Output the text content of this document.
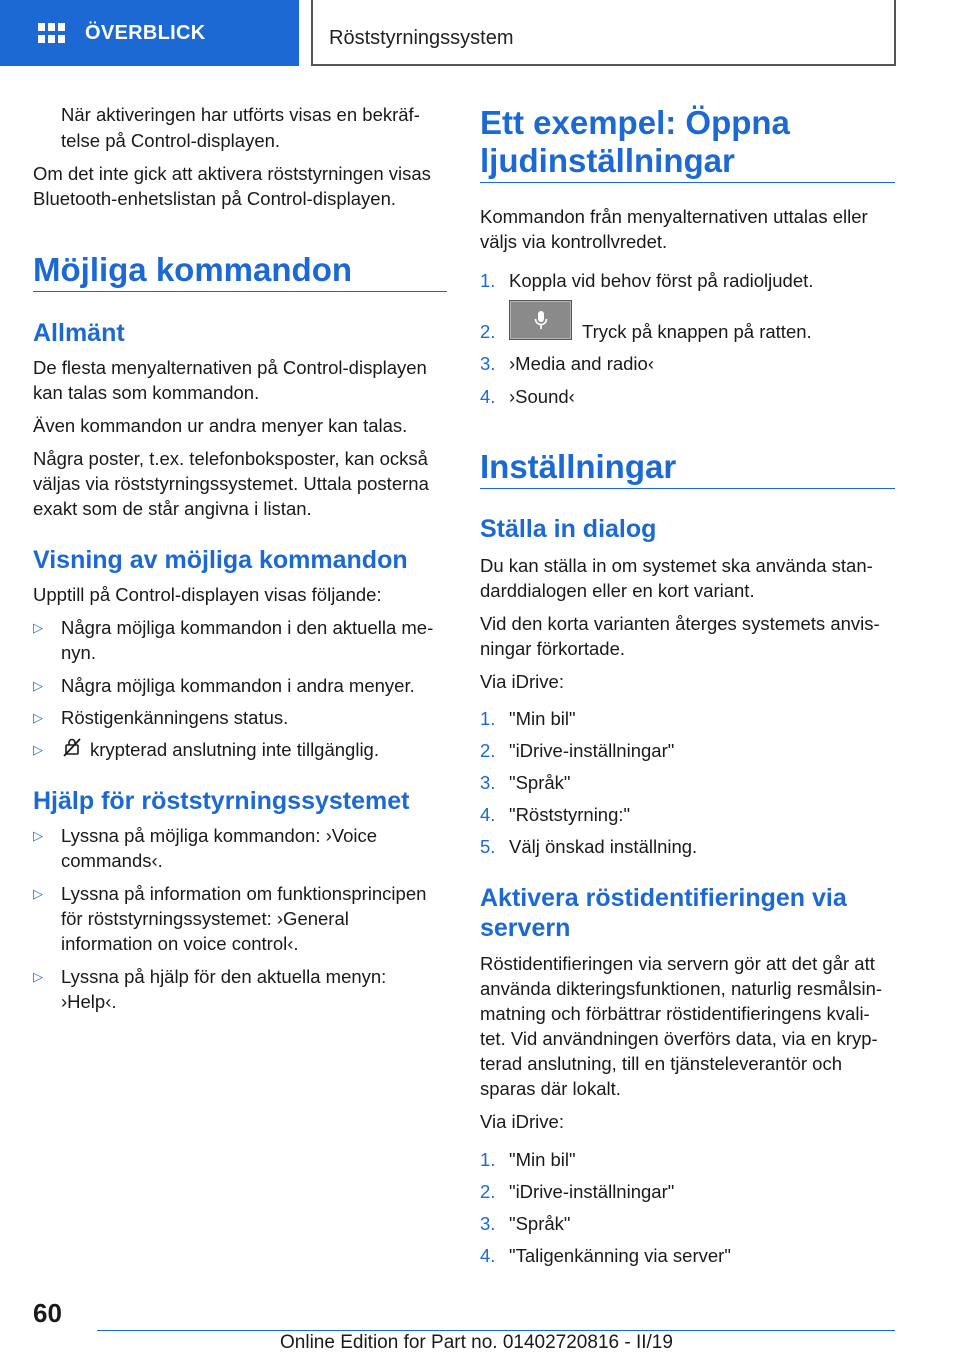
ÖVERBLICK	Röststyrningssystem
När aktiveringen har utförts visas en bekräf-
telse på Control-displayen.
Om det inte gick att aktivera röststyrningen visas
Bluetooth-enhetslistan på Control-displayen.
Möjliga kommandon
Allmänt
De flesta menyalternativen på Control-displayen
kan talas som kommandon.
Även kommandon ur andra menyer kan talas.
Några poster, t.ex. telefonboksposter, kan också
väljas via röststyrningssystemet. Uttala posterna
exakt som de står angivna i listan.
Visning av möjliga kommandon
Upptill på Control-displayen visas följande:
▷ Några möjliga kommandon i den aktuella me-
nyn.
▷ Några möjliga kommandon i andra menyer.
▷ Röstigenkänningens status.
▷	krypterad anslutning inte tillgänglig.
Hjälp för röststyrningssystemet
▷ Lyssna på möjliga kommandon: ›Voice
commands‹.
▷ Lyssna på information om funktionsprincipen
för röststyrningssystemet: ›General
information on voice control‹.
▷ Lyssna på hjälp för den aktuella menyn:
›Help‹.
Ett exempel: Öppna
ljudinställningar
Kommandon från menyalternativen uttalas eller
väljs via kontrollvredet.
1. Koppla vid behov först på radioljudet.
2.	Tryck på knappen på ratten.
3. ›Media and radio‹
4. ›Sound‹
Inställningar
Ställa in dialog
Du kan ställa in om systemet ska använda stan-
darddialogen eller en kort variant.
Vid den korta varianten återges systemets anvis-
ningar förkortade.
Via iDrive:
1. "Min bil"
2. "iDrive-inställningar"
3. "Språk"
4. "Röststyrning:"
5. Välj önskad inställning.
Aktivera röstidentifieringen via
servern
Röstidentifieringen via servern gör att det går att
använda dikteringsfunktionen, naturlig resmålsin-
matning och förbättrar röstidentifieringens kvali-
tet. Vid användningen överförs data, via en kryp-
terad anslutning, till en tjänsteleverantör och
sparas där lokalt.
Via iDrive:
1. "Min bil"
2. "iDrive-inställningar"
3. "Språk"
4. "Taligenkänning via server"
60
Online Edition for Part no. 01402720816 - II/19
